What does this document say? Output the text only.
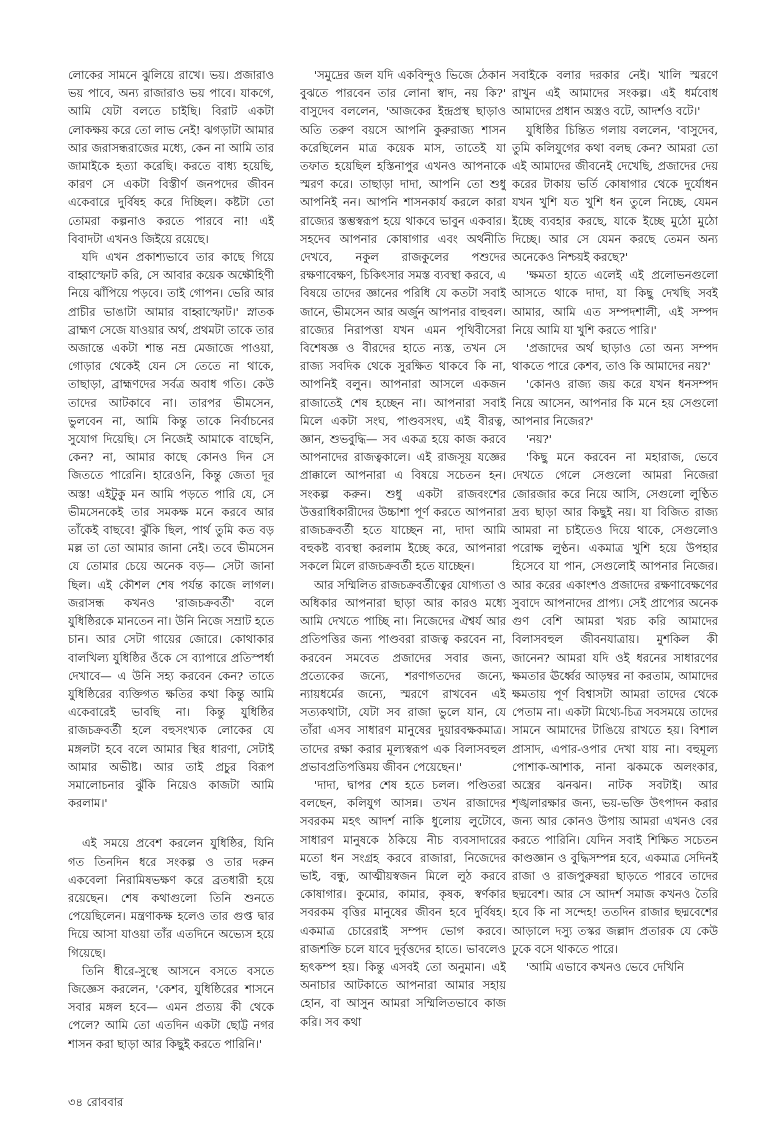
লোকের সামনে ঝুলিয়ে রাখে। ভয়। প্রজারাও ভয় পাবে, অন্য রাজারাও ভয় পাবে। যাকগে, আমি যেটা বলতে চাইছি। বিরাট একটা লোকক্ষয় করে তো লাভ নেই! ঝগড়াটা আমার আর জরাসন্ধরাজের মধ্যে, কেন না আমি তার জামাইকে হত্যা করেছি। করতে বাধ্য হয়েছি, কারণ সে একটা বিস্তীর্ণ জনপদের জীবন একেবারে দুর্বিষহ করে দিচ্ছিল। কষ্টটা তো তোমরা কল্পনাও করতে পারবে না! এই বিবাদটা এখনও জিইয়ে রয়েছে।

যদি এখন প্রকাশ্যভাবে তার কাছে গিয়ে বাহ্বাস্ফোট করি, সে আবার কয়েক অক্ষৌহিণী নিয়ে ঝাঁপিয়ে পড়বে। তাই গোপন। ভেরি আর প্রাচীর ভাঙাটা আমার বাহ্বাস্ফোট।' স্নাতক ব্রাহ্মণ সেজে যাওয়ার অর্থ, প্রথমটা তাকে তার অজান্তে একটা শান্ত নম্র মেজাজে পাওয়া, গোড়ার থেকেই যেন সে তেতে না থাকে, তাছাড়া, ব্রাহ্মণদের সর্বত্র অবাধ গতি। কেউ তাদের আটকাবে না। তারপর ভীমসেন, ভুলবেন না, আমি কিন্তু তাকে নির্বাচনের সুযোগ দিয়েছি। সে নিজেই আমাকে বাছেনি, কেন? না, আমার কাছে কোনও দিন সে জিততে পারেনি। হারেওনি, কিন্তু জেতা দূর অস্ত! এইটুকু মন আমি পড়তে পারি যে, সে ভীমসেনকেই তার সমকক্ষ মনে করবে আর তাঁকেই বাছবে! ঝুঁকি ছিল, পার্থ তুমি কত বড় মল্ল তা তো আমার জানা নেই। তবে ভীমসেন যে তোমার চেয়ে অনেক বড়— সেটা জানা ছিল। এই কৌশল শেষ পর্যন্ত কাজে লাগল। জরাসন্ধ কখনও 'রাজচক্রবর্তী' বলে যুধিষ্ঠিরকে মানতেন না। উনি নিজে সম্রাট হতে চান। আর সেটা গায়ের জোরে। কোথাকার বালখিল্য যুধিষ্ঠির ওঁকে সে ব্যাপারে প্রতিস্পর্ধা দেখাবে— এ উনি সহ্য করবেন কেন? তাতে যুধিষ্ঠিরের ব্যক্তিগত ক্ষতির কথা কিন্তু আমি একেবারেই ভাবছি না। কিন্তু যুধিষ্ঠির রাজচক্রবর্তী হলে বহুসংখ্যক লোকের যে মঙ্গলটা হবে বলে আমার স্থির ধারণা, সেটাই আমার অভীষ্ট। আর তাই প্রচুর বিরূপ সমালোচনার ঝুঁকি নিয়েও কাজটা আমি করলাম।'

এই সময়ে প্রবেশ করলেন যুধিষ্ঠির, যিনি গত তিনদিন ধরে সংকল্প ও তার দরুন একবেলা নিরামিষভক্ষণ করে ব্রতধারী হয়ে রয়েছেন। শেষ কথাগুলো তিনি শুনতে পেয়েছিলেন। মন্ত্রণাকক্ষ হলেও তার গুপ্ত দ্বার দিয়ে আসা যাওয়া তাঁর এতদিনে অভ্যেস হয়ে গিয়েছে।

তিনি ধীরে-সুস্থে আসনে বসতে বসতে জিজ্ঞেস করলেন, 'কেশব, যুধিষ্ঠিরের শাসনে সবার মঙ্গল হবে— এমন প্রত্যয় কী থেকে পেলে? আমি তো এতদিন একটা ছোট্ট নগর শাসন করা ছাড়া আর কিছুই করতে পারিনি।'

'সমুদ্রের জল যদি একবিন্দুও ভিজে ঠেকান বুঝতে পারবেন তার লোনা স্বাদ, নয় কি?' বাসুদেব বললেন, 'আজকের ইন্দ্রপ্রস্থ ছাড়াও অতি তরুণ বয়সে আপনি কুরুরাজ্য শাসন করেছিলেন মাত্র কয়েক মাস, তাতেই যা তফাত হয়েছিল হস্তিনাপুর এখনও আপনাকে স্মরণ করে। তাছাড়া দাদা, আপনি তো শুধু আপনিই নন। আপনি শাসনকার্য করলে কারা রাজ্যের স্তম্ভস্বরূপ হয়ে থাকবে ভাবুন একবার। সহদেব আপনার কোষাগার এবং অর্থনীতি দেখবে, নকুল রাজকুলের পশুদের রক্ষণাবেক্ষণ, চিকিৎসার সমস্ত ব্যবস্থা করবে, এ বিষয়ে তাদের জ্ঞানের পরিধি যে কতটা সবাই জানে, ভীমসেন আর অর্জুন আপনার বাহুবল। রাজ্যের নিরাপত্তা যখন এমন পৃথিবীসেরা বিশেষজ্ঞ ও বীরদের হাতে ন্যস্ত, তখন সে রাজ্য সবদিক থেকে সুরক্ষিত থাকবে কি না, আপনিই বলুন। আপনারা আসলে একজন রাজাতেই শেষ হচ্ছেন না। আপনারা সবাই মিলে একটা সংঘ, পাণ্ডবসংঘ, এই বীরত্ব, জ্ঞান, শুভবুদ্ধি— সব একত্র হয়ে কাজ করবে আপনাদের রাজত্বকালে। এই রাজসূয় যজ্ঞের প্রাক্কালে আপনারা এ বিষয়ে সচেতন হন। সংকল্প করুন। শুধু একটা রাজবংশের উত্তরাধিকারীদের উচ্চাশা পূর্ণ করতে আপনারা রাজচক্রবর্তী হতে যাচ্ছেন না, দাদা আমি বহুকষ্ট ব্যবস্থা করলাম ইচ্ছে করে, আপনারা সকলে মিলে রাজচক্রবর্তী হতে যাচ্ছেন।

আর সম্মিলিত রাজচক্রবর্তীত্বের যোগ্যতা ও অধিকার আপনারা ছাড়া আর কারও মধ্যে আমি দেখতে পাচ্ছি না। নিজেদের ঐশ্বর্য আর প্রতিপত্তির জন্য পাণ্ডবরা রাজত্ব করবেন না, করবেন সমবেত প্রজাদের সবার জন্য, প্রত্যেকের জন্যে, শরণাগতদের জন্যে, ন্যায়ধর্মের জন্যে, স্মরণে রাখবেন এই সত্যকথাটা, যেটা সব রাজা ভুলে যান, যে তাঁরা এসব সাধারণ মানুষের দুয়ারবক্ষকমাত্র। তাদের রক্ষা করার মূল্যস্বরূপ এক বিলাসবহুল প্রভাবপ্রতিপত্তিময় জীবন পেয়েছেন।'

'দাদা, দ্বাপর শেষ হতে চলল। পণ্ডিতরা বলছেন, কলিযুগ আসন্ন। তখন রাজাদের সবরকম মহৎ আদর্শ নাকি ধুলোয় লুটোবে, সাধারণ মানুষকে ঠকিয়ে নীচ ব্যবসাদারের মতো ধন সংগ্রহ করবে রাজারা, নিজেদের ভাই, বন্ধু, আত্মীয়স্বজন মিলে লুঠ করবে কোষাগার। কুমোর, কামার, কৃষক, স্বর্ণকার সবরকম বৃত্তির মানুষের জীবন হবে দুর্বিষহ। একমাত্র চোরেরাই সম্পদ ভোগ করবে। রাজশক্তি চলে যাবে দুর্বৃত্তদের হাতে। ভাবলেও হৃৎকম্প হয়। কিন্তু এসবই তো অনুমান। এই অনাচার আটকাতে আপনারা আমার সহায় হোন, বা আসুন আমরা সম্মিলিতভাবে কাজ করি। সব কথা

সবাইকে বলার দরকার নেই। খালি স্মরণে রাখুন এই আমাদের সংকল্প। এই ধর্মবোধ আমাদের প্রধান অস্ত্রও বটে, আদর্শও বটে।'

যুধিষ্ঠির চিন্তিত গলায় বললেন, 'বাসুদেব, তুমি কলিযুগের কথা বলছ কেন? আমরা তো এই আমাদের জীবনেই দেখেছি, প্রজাদের দেয় করের টাকায় ভর্তি কোষাগার থেকে দুর্যোধন যখন খুশি যত খুশি ধন তুলে নিচ্ছে, যেমন ইচ্ছে ব্যবহার করছে, যাকে ইচ্ছে মুঠো মুঠো দিচ্ছে। আর সে যেমন করছে তেমন অন্য অনেকেও নিশ্চয়ই করছে?'

'ক্ষমতা হাতে এলেই এই প্রলোভনগুলো আসতে থাকে দাদা, যা কিছু দেখছি সবই আমার, আমি এত সম্পদশালী, এই সম্পদ নিয়ে আমি যা খুশি করতে পারি।'

'প্রজাদের অর্থ ছাড়াও তো অন্য সম্পদ থাকতে পারে কেশব, তাও কি আমাদের নয়?'

'কোনও রাজ্য জয় করে যখন ধনসম্পদ নিয়ে আসেন, আপনার কি মনে হয় সেগুলো আপনার নিজের?'

'নয়?'

'কিছু মনে করবেন না মহারাজ, ভেবে দেখতে গেলে সেগুলো আমরা নিজেরা জোরজার করে নিয়ে আসি, সেগুলো লুণ্ঠিত দ্রব্য ছাড়া আর কিছুই নয়। যা বিজিত রাজ্য আমরা না চাইতেও দিয়ে থাকে, সেগুলোও পরোক্ষ লুণ্ঠন। একমাত্র খুশি হয়ে উপহার হিসেবে যা পান, সেগুলোই আপনার নিজের। আর করের একাংশও প্রজাদের রক্ষণাবেক্ষণের সুবাদে আপনাদের প্রাপ্য। সেই প্রাপ্যের অনেক গুণ বেশি আমরা খরচ করি আমাদের বিলাসবহুল জীবনযাত্রায়। মুশকিল কী জানেন? আমরা যদি ওই ধরনের সাধারণের ক্ষমতার ঊর্ধ্বের আড়ম্বর না করতাম, আমাদের ক্ষমতায় পূর্ণ বিশ্বাসটা আমরা তাদের থেকে পেতাম না। একটা মিথ্যে-চিত্র সবসময়ে তাদের সামনে আমাদের টাঙিয়ে রাখতে হয়। বিশাল প্রাসাদ, এপার-ওপার দেখা যায় না। বহুমূল্য পোশাক-আশাক, নানা ঝকমকে অলংকার, অস্ত্রের ঝনঝন। নাটক সবটাই। আর শৃঙ্খলারক্ষার জন্য, ভয়-ভক্তি উৎপাদন করার জন্য আর কোনও উপায় আমরা এখনও বের করতে পারিনি। যেদিন সবাই শিক্ষিত সচেতন কাণ্ডজ্ঞান ও বুদ্ধিসম্পন্ন হবে, একমাত্র সেদিনই রাজা ও রাজপুরুষরা ছাড়তে পারবে তাদের ছদ্মবেশ। আর সে আদর্শ সমাজ কখনও তৈরি হবে কি না সন্দেহ! ততদিন রাজার ছদ্মবেশের আড়ালে দস্যু তস্কর জল্লাদ প্রতারক যে কেউ ঢুকে বসে থাকতে পারে।

'আমি এভাবে কখনও ভেবে দেখিনি

৩৪ রোববার
